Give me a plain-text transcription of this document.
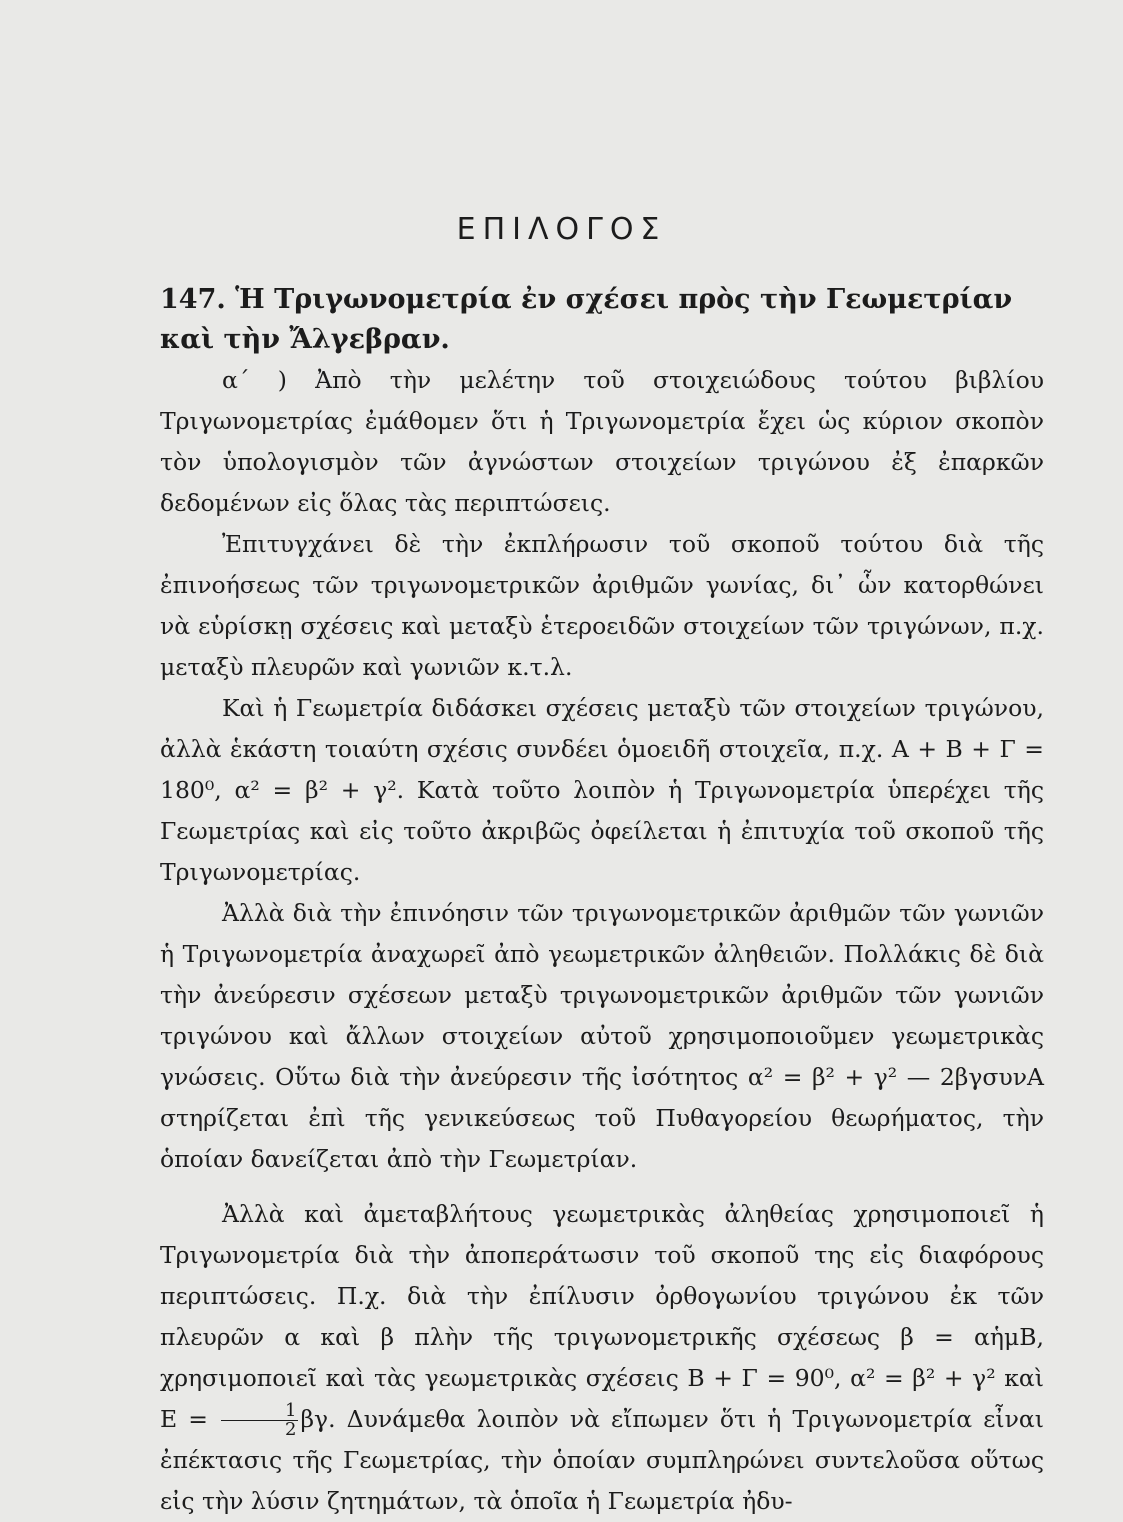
ΕΠΙΛΟΓΟΣ
147. Ἡ Τριγωνομετρία ἐν σχέσει πρὸς τὴν Γεωμετρίαν καὶ τὴν Ἄλγεβραν.

α΄ ) Ἀπὸ τὴν μελέτην τοῦ στοιχειώδους τούτου βιβλίου Τριγωνομετρίας ἐμάθομεν ὅτι ἡ Τριγωνομετρία ἔχει ὡς κύριον σκοπὸν τὸν ὑπολογισμὸν τῶν ἀγνώστων στοιχείων τριγώνου ἐξ ἐπαρκῶν δεδομένων εἰς ὅλας τὰς περιπτώσεις.

Ἐπιτυγχάνει δὲ τὴν ἐκπλήρωσιν τοῦ σκοποῦ τούτου διὰ τῆς ἐπινοήσεως τῶν τριγωνομετρικῶν ἀριθμῶν γωνίας, δι᾽ ὧν κατορθώνει νὰ εὑρίσκῃ σχέσεις καὶ μεταξὺ ἑτεροειδῶν στοιχείων τῶν τριγώνων, π.χ. μεταξὺ πλευρῶν καὶ γωνιῶν κ.τ.λ.

Καὶ ἡ Γεωμετρία διδάσκει σχέσεις μεταξὺ τῶν στοιχείων τριγώνου, ἀλλὰ ἑκάστη τοιαύτη σχέσις συνδέει ὁμοειδῆ στοιχεῖα, π.χ. Α + Β + Γ = 180⁰, α² = β² + γ². Κατὰ τοῦτο λοιπὸν ἡ Τριγωνομετρία ὑπερέχει τῆς Γεωμετρίας καὶ εἰς τοῦτο ἀκριβῶς ὀφείλεται ἡ ἐπιτυχία τοῦ σκοποῦ τῆς Τριγωνομετρίας.

Ἀλλὰ διὰ τὴν ἐπινόησιν τῶν τριγωνομετρικῶν ἀριθμῶν τῶν γωνιῶν ἡ Τριγωνομετρία ἀναχωρεῖ ἀπὸ γεωμετρικῶν ἀληθειῶν. Πολλάκις δὲ διὰ τὴν ἀνεύρεσιν σχέσεων μεταξὺ τριγωνομετρικῶν ἀριθμῶν τῶν γωνιῶν τριγώνου καὶ ἄλλων στοιχείων αὐτοῦ χρησιμοποιοῦμεν γεωμετρικὰς γνώσεις. Οὕτω διὰ τὴν ἀνεύρεσιν τῆς ἰσότητος α² = β² + γ² — 2βγσυνΑ στηρίζεται ἐπὶ τῆς γενικεύσεως τοῦ Πυθαγορείου θεωρήματος, τὴν ὁποίαν δανείζεται ἀπὸ τὴν Γεωμετρίαν.

Ἀλλὰ καὶ ἀμεταβλήτους γεωμετρικὰς ἀληθείας χρησιμοποιεῖ ἡ Τριγωνομετρία διὰ τὴν ἀποπεράτωσιν τοῦ σκοποῦ της εἰς διαφόρους περιπτώσεις. Π.χ. διὰ τὴν ἐπίλυσιν ὀρθογωνίου τριγώνου ἐκ τῶν πλευρῶν α καὶ β πλὴν τῆς τριγωνομετρικῆς σχέσεως β = αἡμΒ, χρησιμοποιεῖ καὶ τὰς γεωμετρικὰς σχέσεις Β + Γ = 90⁰, α² = β² + γ² καὶ $E = \frac{1}{2} \beta\gamma$. Δυνάμεθα λοιπὸν νὰ εἴπωμεν ὅτι ἡ Τριγωνομετρία εἶναι ἐπέκτασις τῆς Γεωμετρίας, τὴν ὁποίαν συμπληρώνει συντελοῦσα οὕτως εἰς τὴν λύσιν ζητημάτων, τὰ ὁποῖα ἡ Γεωμετρία ἠδυ-
